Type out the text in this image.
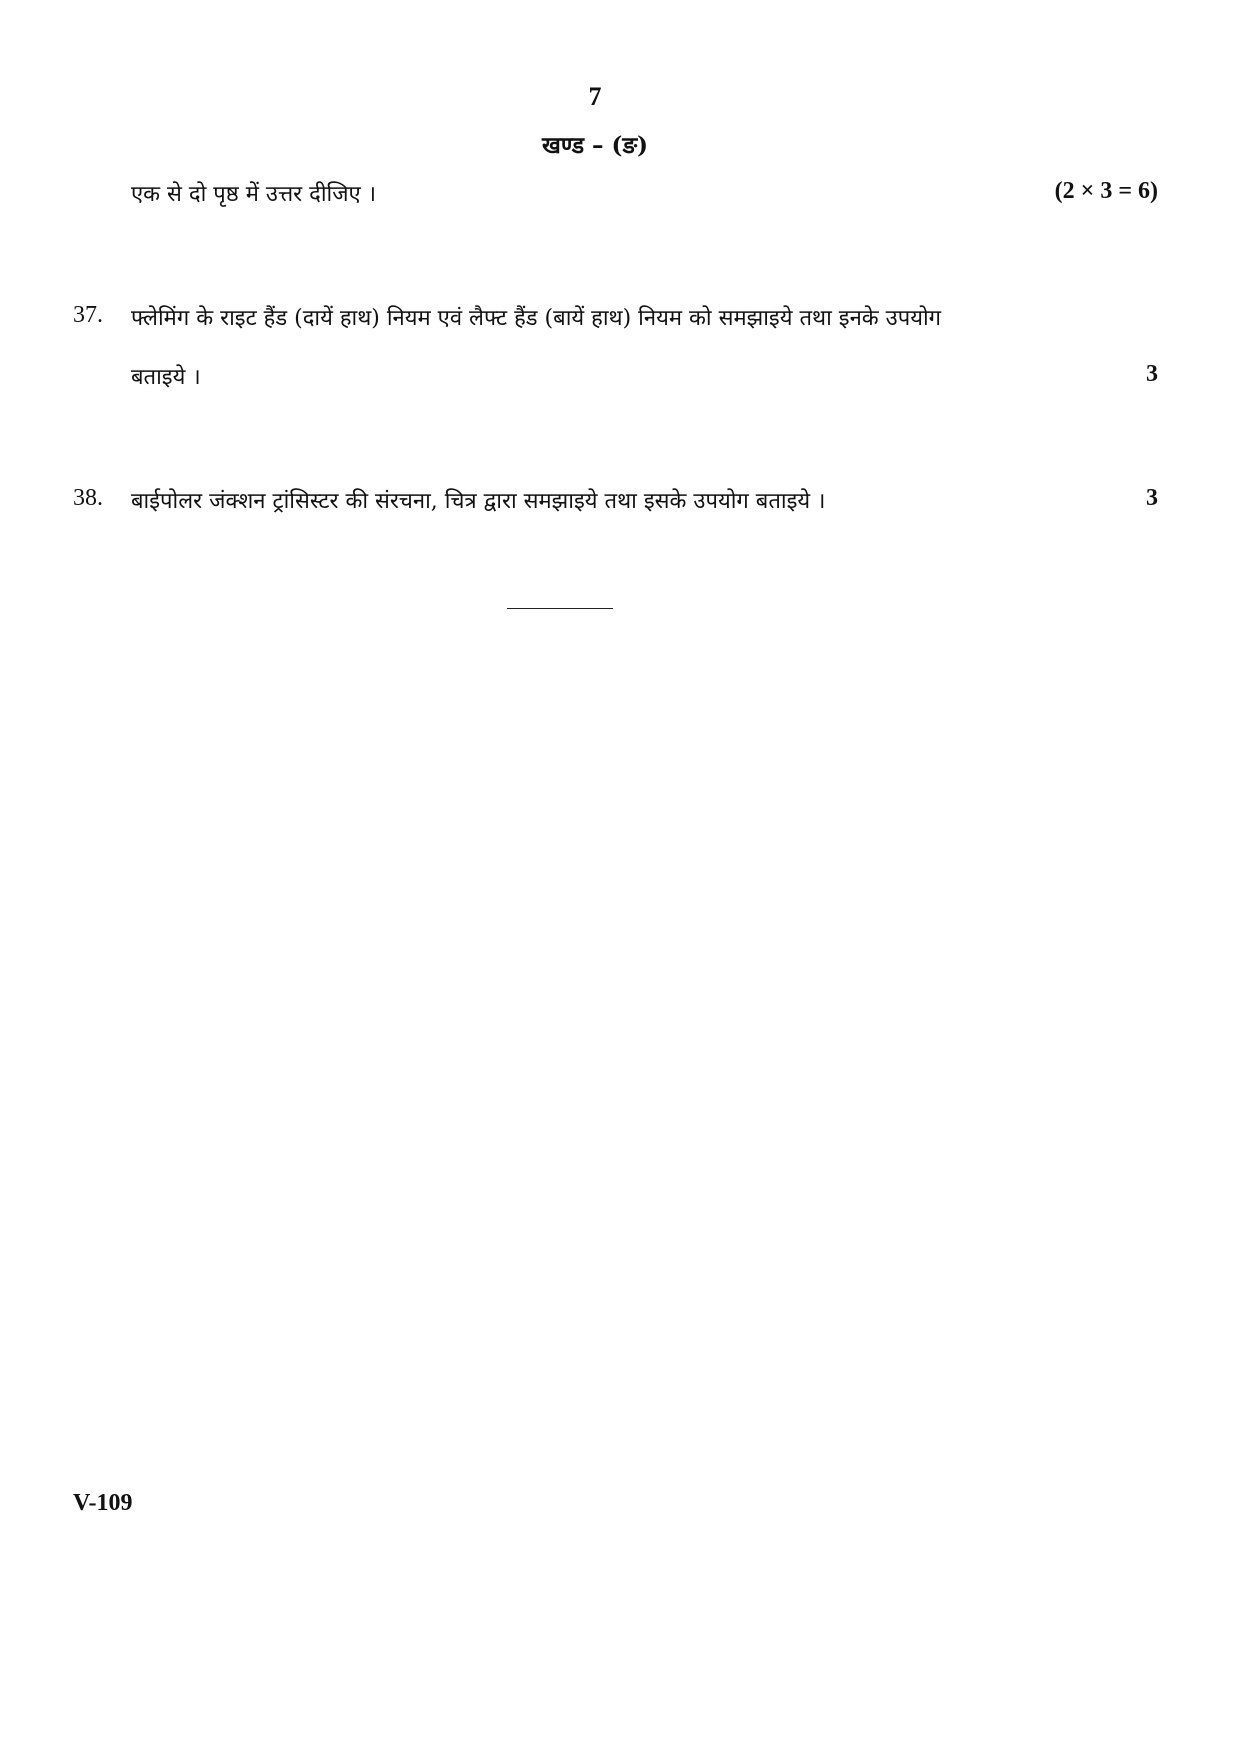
7
खण्ड – (ङ)
एक से दो पृष्ठ में उत्तर दीजिए ।	(2 × 3 = 6)
37. फ्लेमिंग के राइट हैंड (दायें हाथ) नियम एवं लैफ्ट हैंड (बायें हाथ) नियम को समझाइये तथा इनके उपयोग
बताइये ।	3
38. बाईपोलर जंक्शन ट्रांसिस्टर की संरचना, चित्र द्वारा समझाइये तथा इसके उपयोग बताइये ।	3
V-109
